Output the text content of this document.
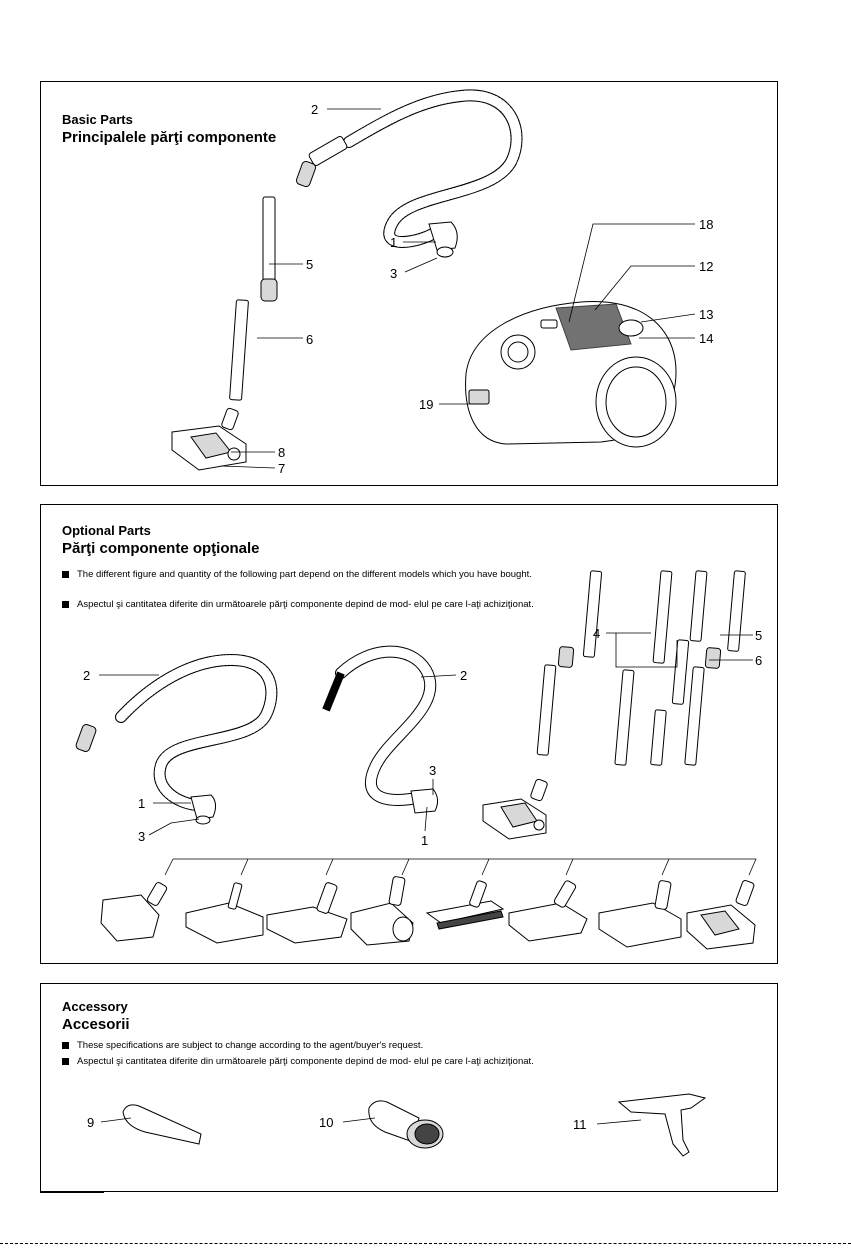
Basic Parts
Principalele părţi componente
2
1
3
5
6
8
7
18
12
13
14
19
Optional Parts
Părţi componente opţionale
The different figure and quantity of the following part depend on the different models which you have bought.
Aspectul şi cantitatea diferite din următoarele părţi componente depind de mod- elul pe care l-aţi achiziţionat.
2
1
3
2
3
1
4	5
6
Accessory
Accesorii
These specifications are subject to change according to the agent/buyer's request.
Aspectul şi cantitatea diferite din următoarele părţi componente depind de mod- elul pe care l-aţi achiziţionat.
9	10	11
